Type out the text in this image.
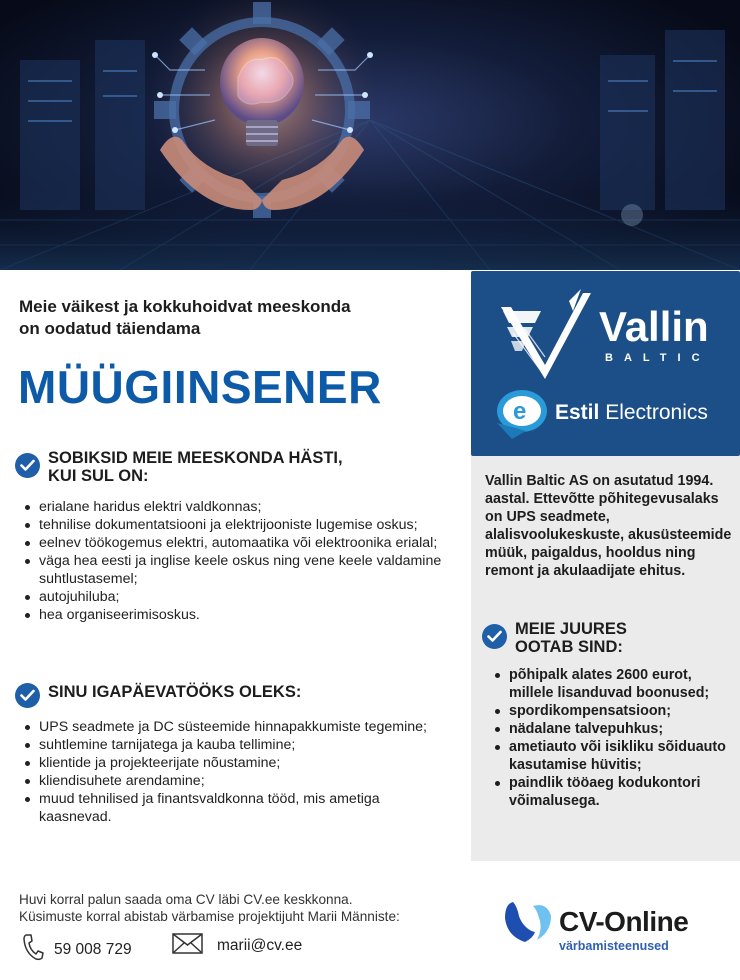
Meie väikest ja kokkuhoidvat meeskonda
on oodatud täiendama
MÜÜGIINSENER
SOBIKSID MEIE MEESKONDA HÄSTI,
KUI SUL ON:
erialane haridus elektri valdkonnas;
tehnilise dokumentatsiooni ja elektrijooniste lugemise oskus;
eelnev töökogemus elektri, automaatika või elektroonika erialal;
väga hea eesti ja inglise keele oskus ning vene keele valdamine suhtlustasemel;
autojuhiluba;
hea organiseerimisoskus.
SINU IGAPÄEVATÖÖKS OLEKS:
UPS seadmete ja DC süsteemide hinnapakkumiste tegemine;
suhtlemine tarnijatega ja kauba tellimine;
klientide ja projekteerijate nõustamine;
kliendisuhete arendamine;
muud tehnilised ja finantsvaldkonna tööd, mis ametiga kaasnevad.
Vallin
BALTIC
e Estil Electronics
Vallin Baltic AS on asutatud 1994. aastal. Ettevõtte põhitegevusalaks on UPS seadmete, alalisvoolukeskuste, akusüsteemide müük, paigaldus, hooldus ning remont ja akulaadijate ehitus.
MEIE JUURES
OOTAB SIND:
põhipalk alates 2600 eurot, millele lisanduvad boonused;
spordikompensatsioon;
nädalane talvepuhkus;
ametiauto või isikliku sõiduauto kasutamise hüvitis;
paindlik tööaeg kodukontori võimalusega.
Huvi korral palun saada oma CV läbi CV.ee keskkonna.
Küsimuste korral abistab värbamise projektijuht Marii Männiste:
59 008 729	marii@cv.ee
CV-Online
värbamisteenused
